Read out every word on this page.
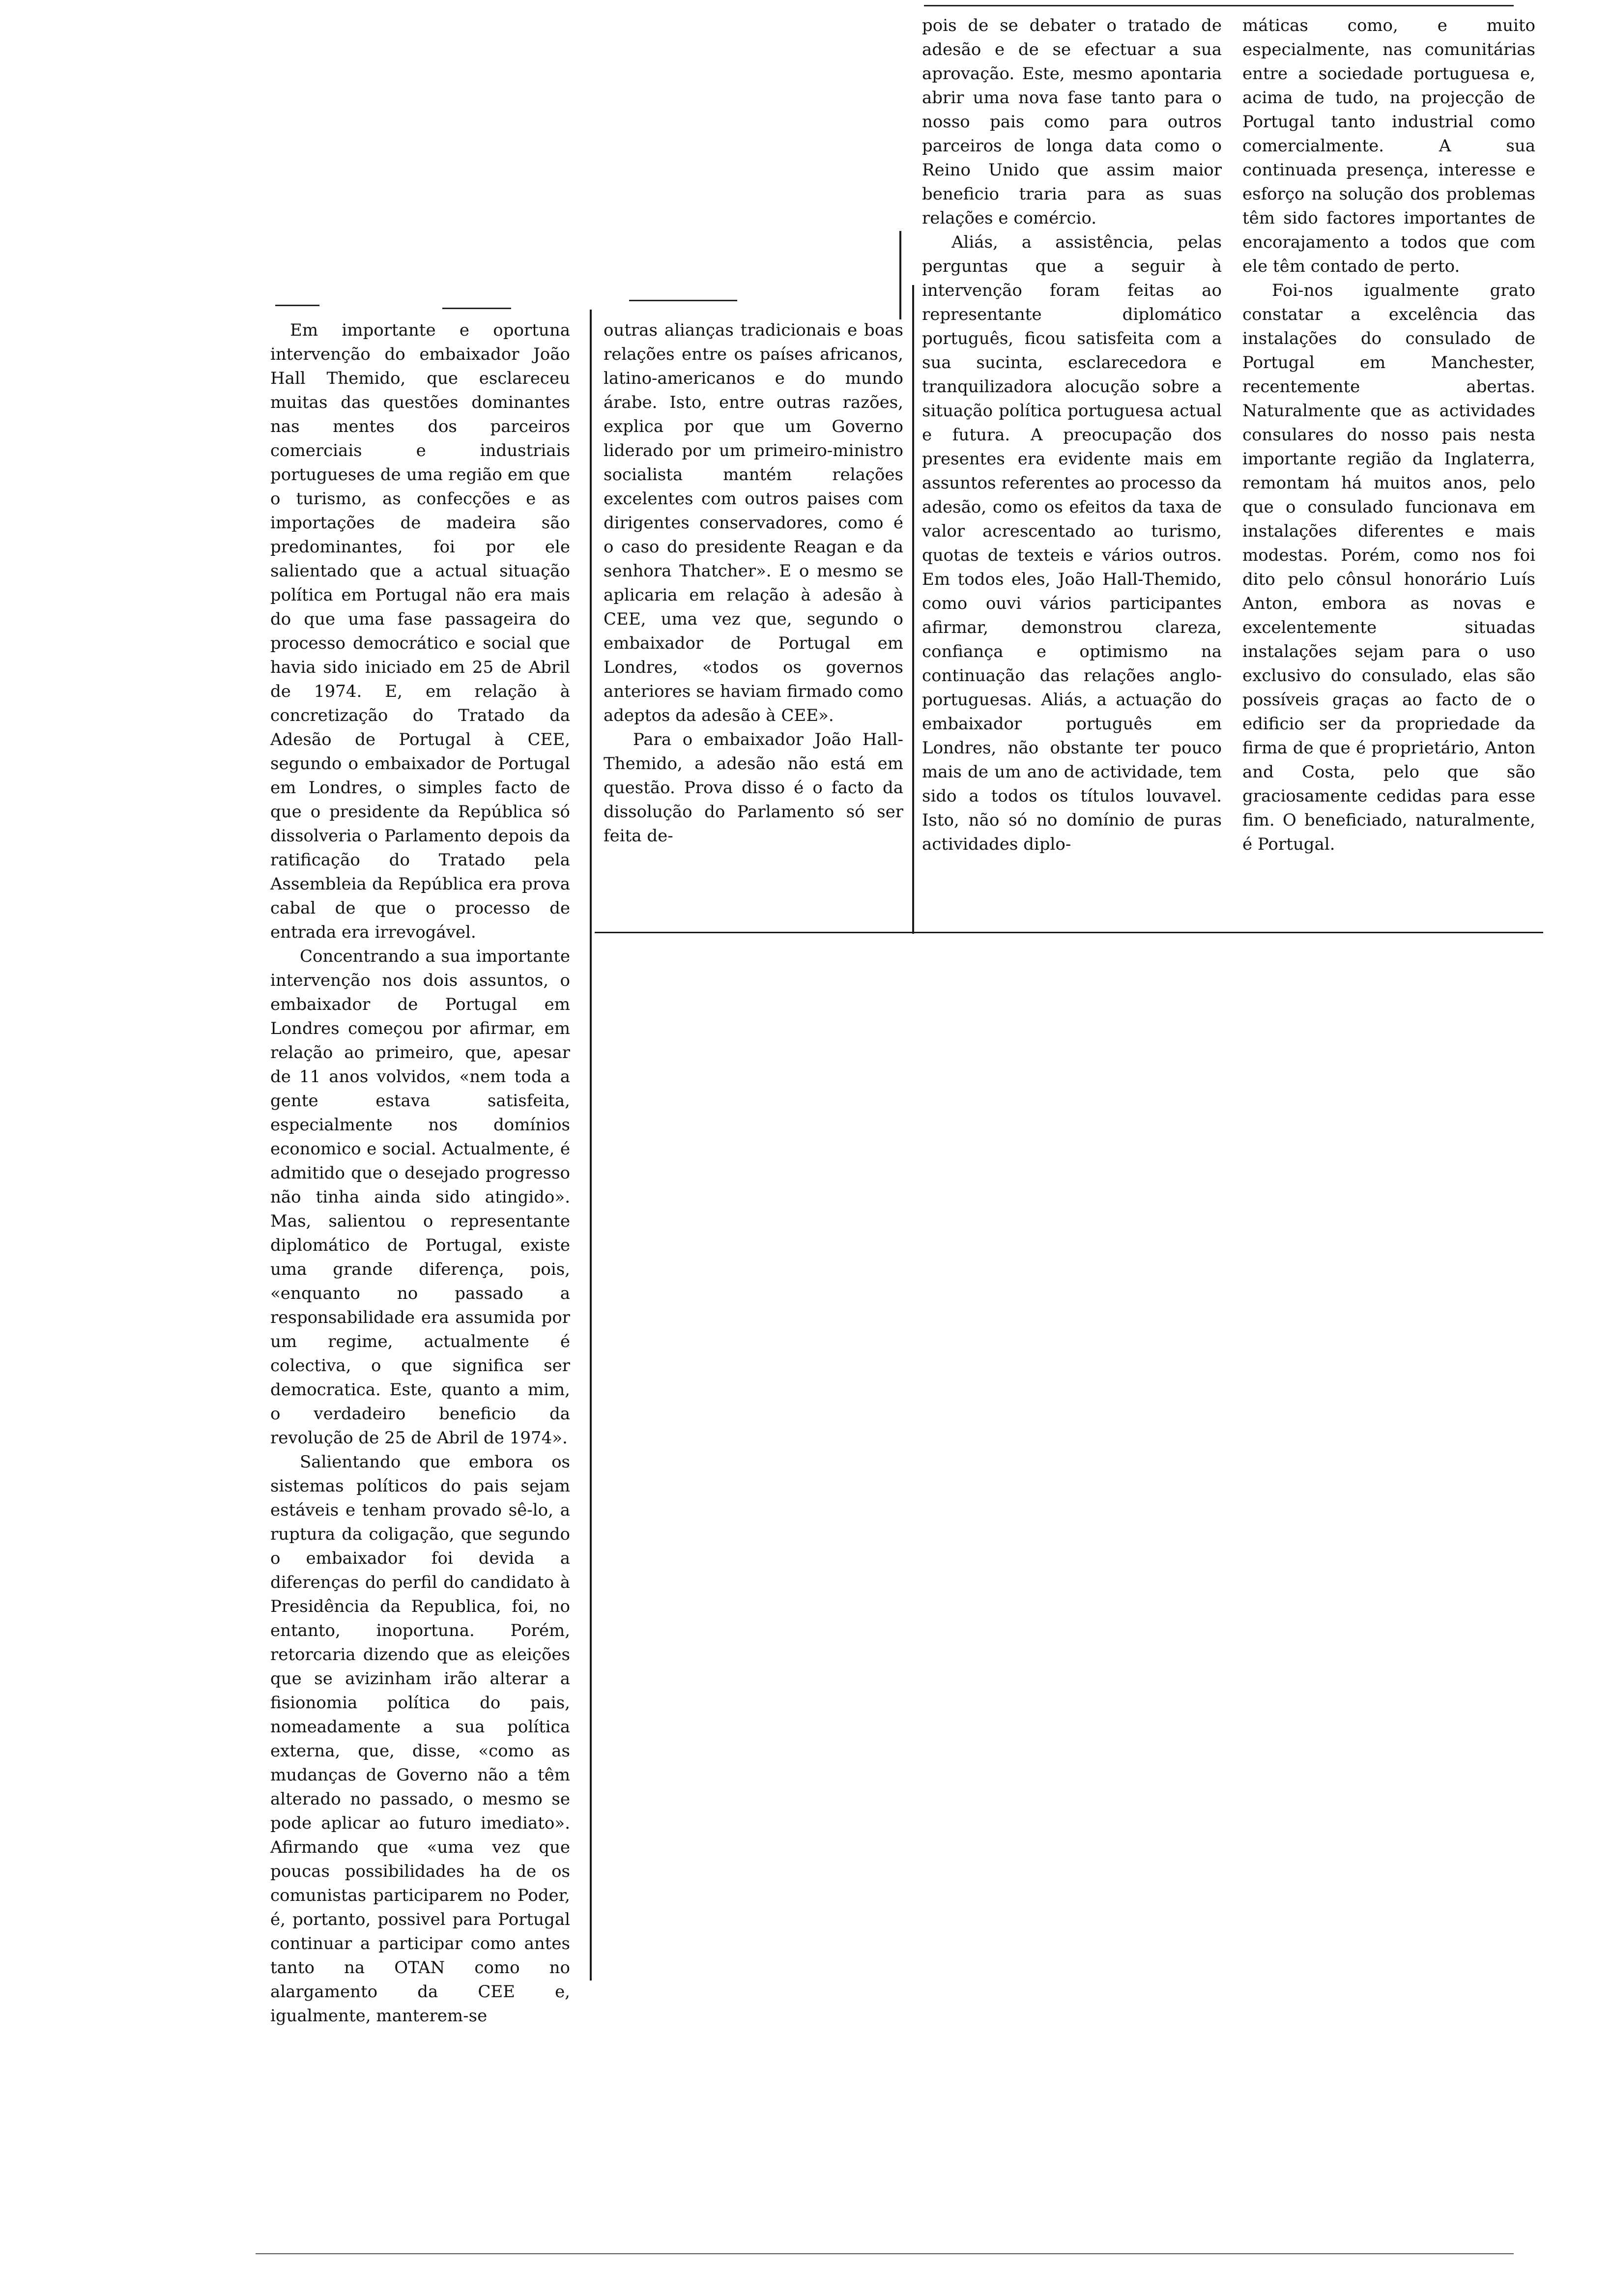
Em importante e oportuna intervenção do embaixador João Hall Themido, que esclareceu muitas das questões dominantes nas mentes dos parceiros comerciais e industriais portugueses de uma região em que o turismo, as confecções e as importações de madeira são predominantes, foi por ele salientado que a actual situação política em Portugal não era mais do que uma fase passageira do processo democrático e social que havia sido iniciado em 25 de Abril de 1974. E, em relação à concretização do Tratado da Adesão de Portugal à CEE, segundo o embaixador de Portugal em Londres, o simples facto de que o presidente da República só dissolveria o Parlamento depois da ratificação do Tratado pela Assembleia da República era prova cabal de que o processo de entrada era irrevogável.

Concentrando a sua importante intervenção nos dois assuntos, o embaixador de Portugal em Londres começou por afirmar, em relação ao primeiro, que, apesar de 11 anos volvidos, «nem toda a gente estava satisfeita, especialmente nos domínios economico e social. Actualmente, é admitido que o desejado progresso não tinha ainda sido atingido». Mas, salientou o representante diplomático de Portugal, existe uma grande diferença, pois, «enquanto no passado a responsabilidade era assumida por um regime, actualmente é colectiva, o que significa ser democratica. Este, quanto a mim, o verdadeiro beneficio da revolução de 25 de Abril de 1974».

Salientando que embora os sistemas políticos do pais sejam estáveis e tenham provado sê-lo, a ruptura da coligação, que segundo o embaixador foi devida a diferenças do perfil do candidato à Presidência da Republica, foi, no entanto, inoportuna. Porém, retorcaria dizendo que as eleições que se avizinham irão alterar a fisionomia política do pais, nomeadamente a sua política externa, que, disse, «como as mudanças de Governo não a têm alterado no passado, o mesmo se pode aplicar ao futuro imediato». Afirmando que «uma vez que poucas possibilidades ha de os comunistas participarem no Poder, é, portanto, possivel para Portugal continuar a participar como antes tanto na OTAN como no alargamento da CEE e, igualmente, manterem-se

outras alianças tradicionais e boas relações entre os países africanos, latino-americanos e do mundo árabe. Isto, entre outras razões, explica por que um Governo liderado por um primeiro-ministro socialista mantém relações excelentes com outros paises com dirigentes conservadores, como é o caso do presidente Reagan e da senhora Thatcher». E o mesmo se aplicaria em relação à adesão à CEE, uma vez que, segundo o embaixador de Portugal em Londres, «todos os governos anteriores se haviam firmado como adeptos da adesão à CEE».

Para o embaixador João Hall-Themido, a adesão não está em questão. Prova disso é o facto da dissolução do Parlamento só ser feita de-

pois de se debater o tratado de adesão e de se efectuar a sua aprovação. Este, mesmo apontaria abrir uma nova fase tanto para o nosso pais como para outros parceiros de longa data como o Reino Unido que assim maior beneficio traria para as suas relações e comércio.

Aliás, a assistência, pelas perguntas que a seguir à intervenção foram feitas ao representante diplomático português, ficou satisfeita com a sua sucinta, esclarecedora e tranquilizadora alocução sobre a situação política portuguesa actual e futura. A preocupação dos presentes era evidente mais em assuntos referentes ao processo da adesão, como os efeitos da taxa de valor acrescentado ao turismo, quotas de texteis e vários outros. Em todos eles, João Hall-Themido, como ouvi vários participantes afirmar, demonstrou clareza, confiança e optimismo na continuação das relações anglo-portuguesas. Aliás, a actuação do embaixador português em Londres, não obstante ter pouco mais de um ano de actividade, tem sido a todos os títulos louvavel. Isto, não só no domínio de puras actividades diplo-

máticas como, e muito especialmente, nas comunitárias entre a sociedade portuguesa e, acima de tudo, na projecção de Portugal tanto industrial como comercialmente. A sua continuada presença, interesse e esforço na solução dos problemas têm sido factores importantes de encorajamento a todos que com ele têm contado de perto.

Foi-nos igualmente grato constatar a excelência das instalações do consulado de Portugal em Manchester, recentemente abertas. Naturalmente que as actividades consulares do nosso pais nesta importante região da Inglaterra, remontam há muitos anos, pelo que o consulado funcionava em instalações diferentes e mais modestas. Porém, como nos foi dito pelo cônsul honorário Luís Anton, embora as novas e excelentemente situadas instalações sejam para o uso exclusivo do consulado, elas são possíveis graças ao facto de o edificio ser da propriedade da firma de que é proprietário, Anton and Costa, pelo que são graciosamente cedidas para esse fim. O beneficiado, naturalmente, é Portugal.
